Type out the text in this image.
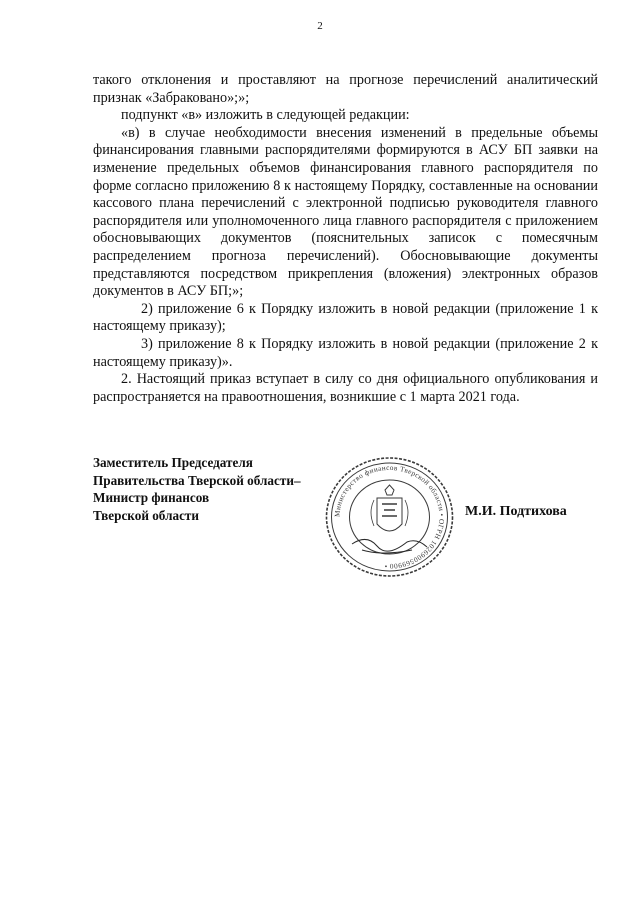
2

такого отклонения и проставляют на прогнозе перечислений аналитический признак «Забраковано»;»;

подпункт «в» изложить в следующей редакции:

«в) в случае необходимости внесения изменений в предельные объемы финансирования главными распорядителями формируются в АСУ БП заявки на изменение предельных объемов финансирования главного распорядителя по форме согласно приложению 8 к настоящему Порядку, составленные на основании кассового плана перечислений с электронной подписью руководителя главного распорядителя или уполномоченного лица главного распорядителя с приложением обосновывающих документов (пояснительных записок с помесячным распределением прогноза перечислений). Обосновывающие документы представляются посредством прикрепления (вложения) электронных образов документов в АСУ БП;»;

2) приложение 6 к Порядку изложить в новой редакции (приложение 1 к настоящему приказу);

3) приложение 8 к Порядку изложить в новой редакции (приложение 2 к настоящему приказу)».

2. Настоящий приказ вступает в силу со дня официального опубликования и распространяется на правоотношения, возникшие с 1 марта 2021 года.

Заместитель Председателя
Правительства Тверской области–
Министр финансов
Тверской области	Министерство финансов Тверской области • ОГРН 1026900569900 •
М.И. Подтихова
